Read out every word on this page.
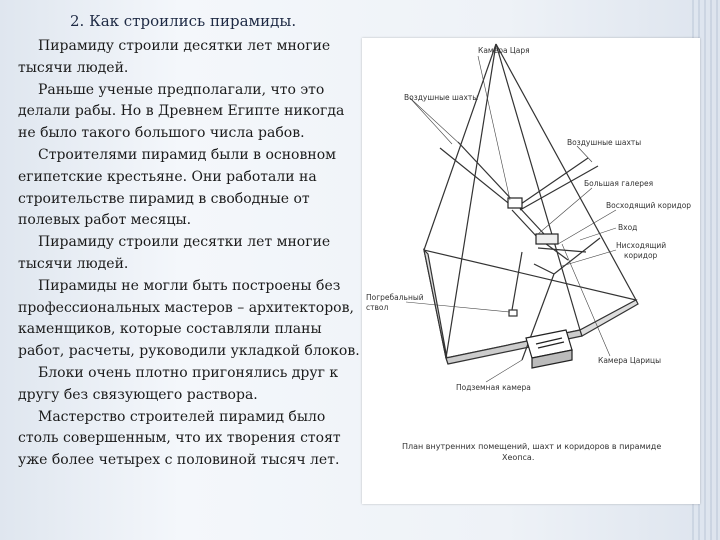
2. Как строились пирамиды.

Пирамиду строили десятки лет многие тысячи людей.

Раньше ученые предполагали, что это делали рабы. Но в Древнем Египте никогда не было такого большого числа рабов.

Строителями пирамид были в основном египетские крестьяне. Они работали на строительстве пирамид в свободные от полевых работ месяцы.

Пирамиду строили десятки лет многие тысячи людей.

Пирамиды не могли быть построены без профессиональных мастеров – архитекторов, каменщиков, которые составляли планы работ, расчеты, руководили укладкой блоков.

Блоки очень плотно пригонялись друг к другу без связующего раствора.

Мастерство строителей пирамид было столь совершенным, что их творения стоят уже более четырех с половиной тысяч лет.

Камера Царя
Воздушные шахты
Воздушные шахты
Большая галерея
Восходящий коридор
Вход
Нисходящий
коридор
Погребальный
ствол
Камера Царицы
Подземная камера
План внутренних помещений, шахт и коридоров в пирамиде
Хеопса.
